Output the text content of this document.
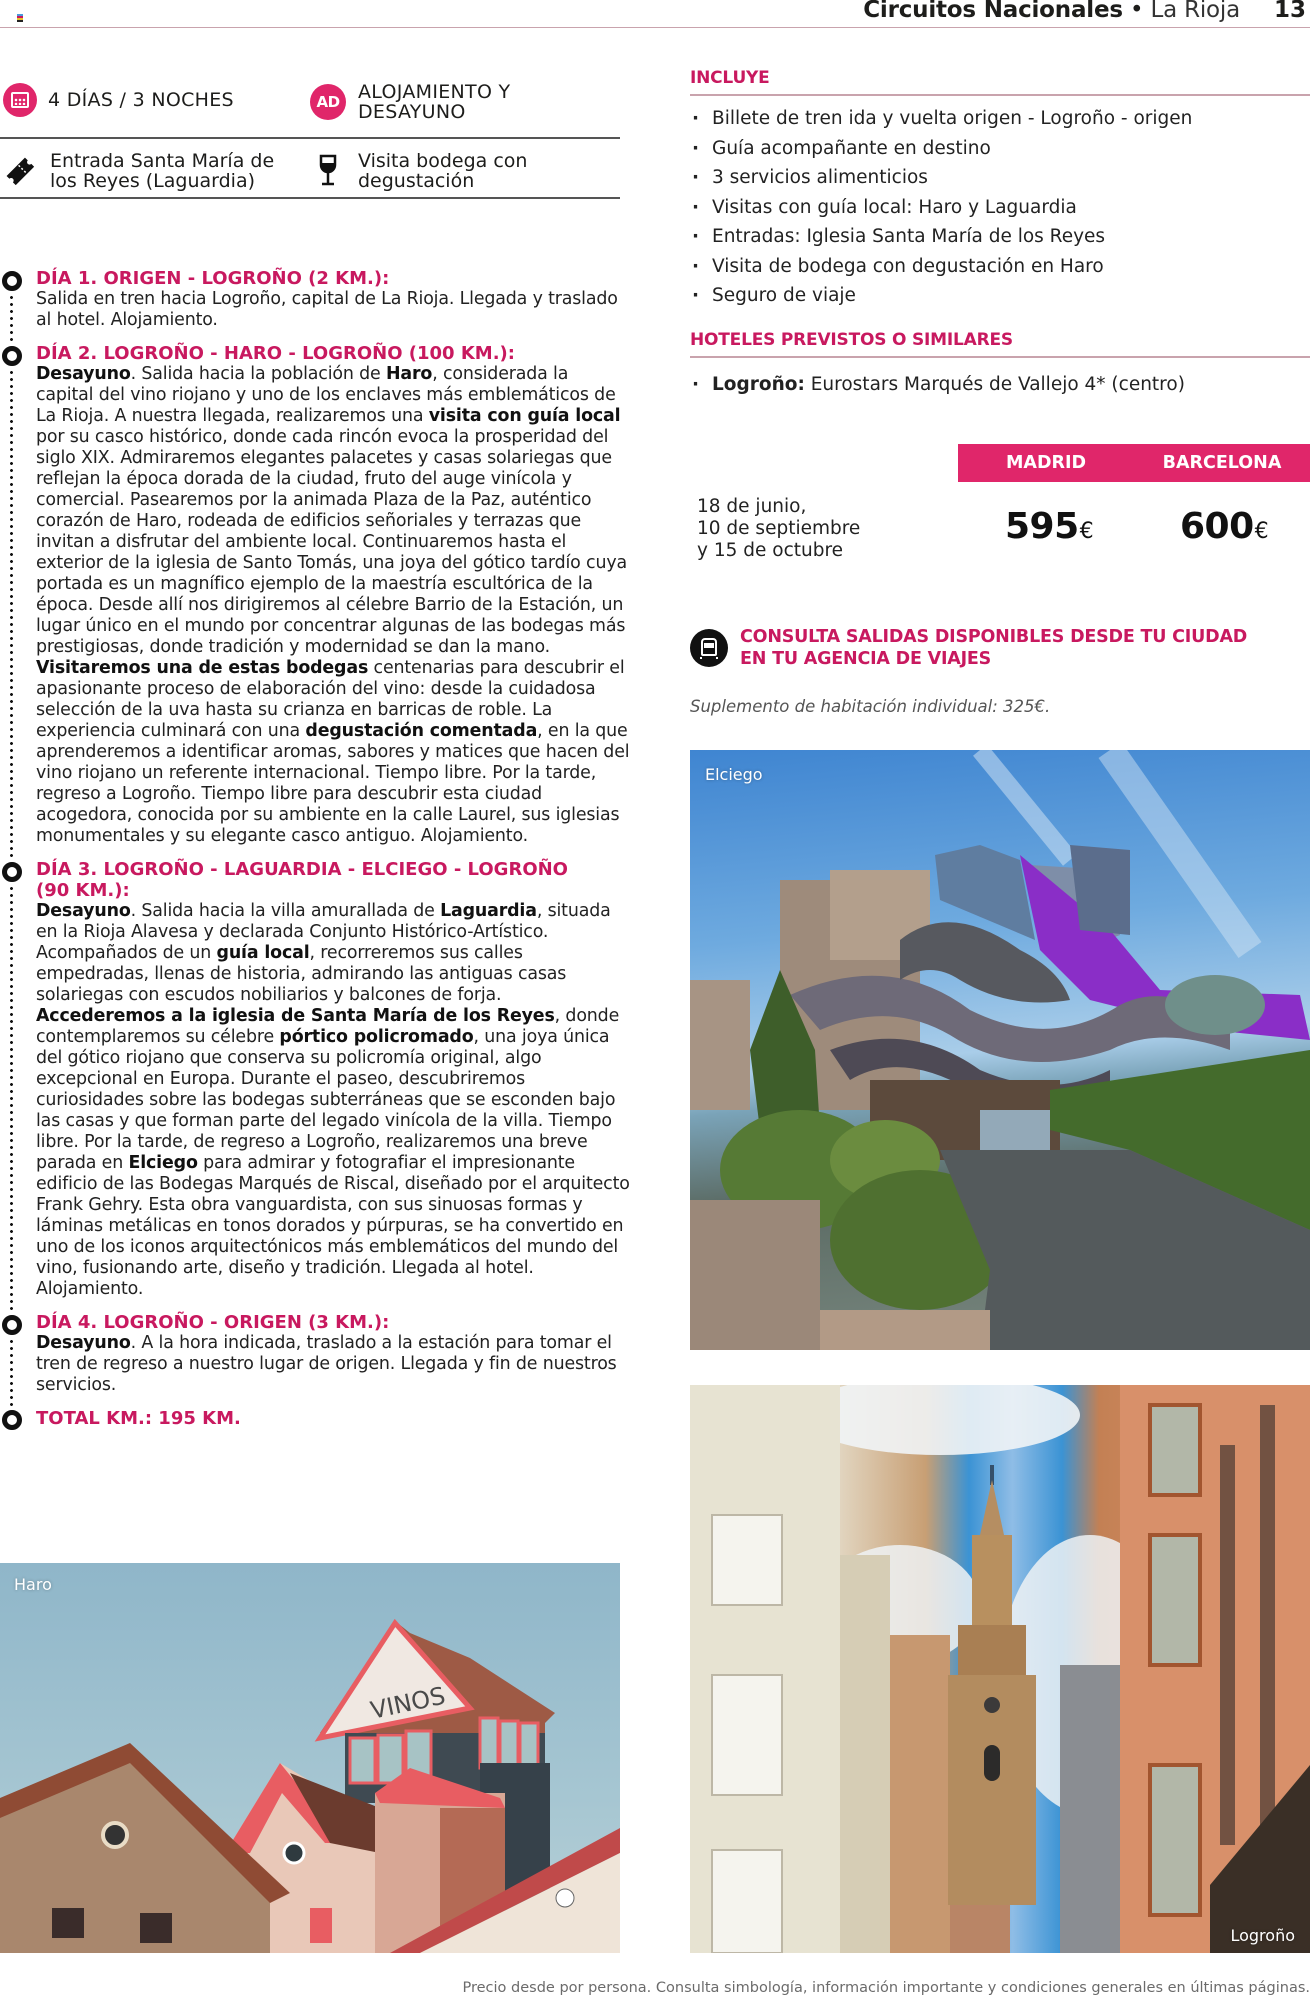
Circuitos Nacionales • La Rioja 13
4 DÍAS / 3 NOCHES	AD ALOJAMIENTO Y
DESAYUNO
Entrada Santa María de
los Reyes (Laguardia)
Visita bodega con
degustación
DÍA 1. ORIGEN - LOGROÑO (2 KM.):
Salida en tren hacia Logroño, capital de La Rioja. Llegada y traslado al hotel. Alojamiento.
DÍA 2. LOGROÑO - HARO - LOGROÑO (100 KM.):
Desayuno. Salida hacia la población de Haro, considerada la capital del vino riojano y uno de los enclaves más emblemáticos de La Rioja. A nuestra llegada, realizaremos una visita con guía local por su casco histórico, donde cada rincón evoca la prosperidad del siglo XIX. Admiraremos elegantes palacetes y casas solariegas que reflejan la época dorada de la ciudad, fruto del auge vinícola y comercial. Pasearemos por la animada Plaza de la Paz, auténtico corazón de Haro, rodeada de edificios señoriales y terrazas que invitan a disfrutar del ambiente local. Continuaremos hasta el exterior de la iglesia de Santo Tomás, una joya del gótico tardío cuya portada es un magnífico ejemplo de la maestría escultórica de la época. Desde allí nos dirigiremos al célebre Barrio de la Estación, un lugar único en el mundo por concentrar algunas de las bodegas más prestigiosas, donde tradición y modernidad se dan la mano. Visitaremos una de estas bodegas centenarias para descubrir el apasionante proceso de elaboración del vino: desde la cuidadosa selección de la uva hasta su crianza en barricas de roble. La experiencia culminará con una degustación comentada, en la que aprenderemos a identificar aromas, sabores y matices que hacen del vino riojano un referente internacional. Tiempo libre. Por la tarde, regreso a Logroño. Tiempo libre para descubrir esta ciudad acogedora, conocida por su ambiente en la calle Laurel, sus iglesias monumentales y su elegante casco antiguo. Alojamiento.
DÍA 3. LOGROÑO - LAGUARDIA - ELCIEGO - LOGROÑO (90 KM.):
Desayuno. Salida hacia la villa amurallada de Laguardia, situada en la Rioja Alavesa y declarada Conjunto Histórico-Artístico. Acompañados de un guía local, recorreremos sus calles empedradas, llenas de historia, admirando las antiguas casas solariegas con escudos nobiliarios y balcones de forja. Accederemos a la iglesia de Santa María de los Reyes, donde contemplaremos su célebre pórtico policromado, una joya única del gótico riojano que conserva su policromía original, algo excepcional en Europa. Durante el paseo, descubriremos curiosidades sobre las bodegas subterráneas que se esconden bajo las casas y que forman parte del legado vinícola de la villa. Tiempo libre. Por la tarde, de regreso a Logroño, realizaremos una breve parada en Elciego para admirar y fotografiar el impresionante edificio de las Bodegas Marqués de Riscal, diseñado por el arquitecto Frank Gehry. Esta obra vanguardista, con sus sinuosas formas y láminas metálicas en tonos dorados y púrpuras, se ha convertido en uno de los iconos arquitectónicos más emblemáticos del mundo del vino, fusionando arte, diseño y tradición. Llegada al hotel. Alojamiento.
DÍA 4. LOGROÑO - ORIGEN (3 KM.):
Desayuno. A la hora indicada, traslado a la estación para tomar el tren de regreso a nuestro lugar de origen. Llegada y fin de nuestros servicios.
TOTAL KM.: 195 KM.
VINOS
Haro
INCLUYE
· Billete de tren ida y vuelta origen - Logroño - origen
· Guía acompañante en destino
· 3 servicios alimenticios
· Visitas con guía local: Haro y Laguardia
· Entradas: Iglesia Santa María de los Reyes
· Visita de bodega con degustación en Haro
· Seguro de viaje
HOTELES PREVISTOS O SIMILARES
· Logroño: Eurostars Marqués de Vallejo 4* (centro)
MADRID	BARCELONA
18 de junio,
10 de septiembre
y 15 de octubre
595€ 600€
CONSULTA SALIDAS DISPONIBLES DESDE TU CIUDAD
EN TU AGENCIA DE VIAJES
Suplemento de habitación individual: 325€.
Elciego
Logroño
Precio desde por persona. Consulta simbología, información importante y condiciones generales en últimas páginas.
